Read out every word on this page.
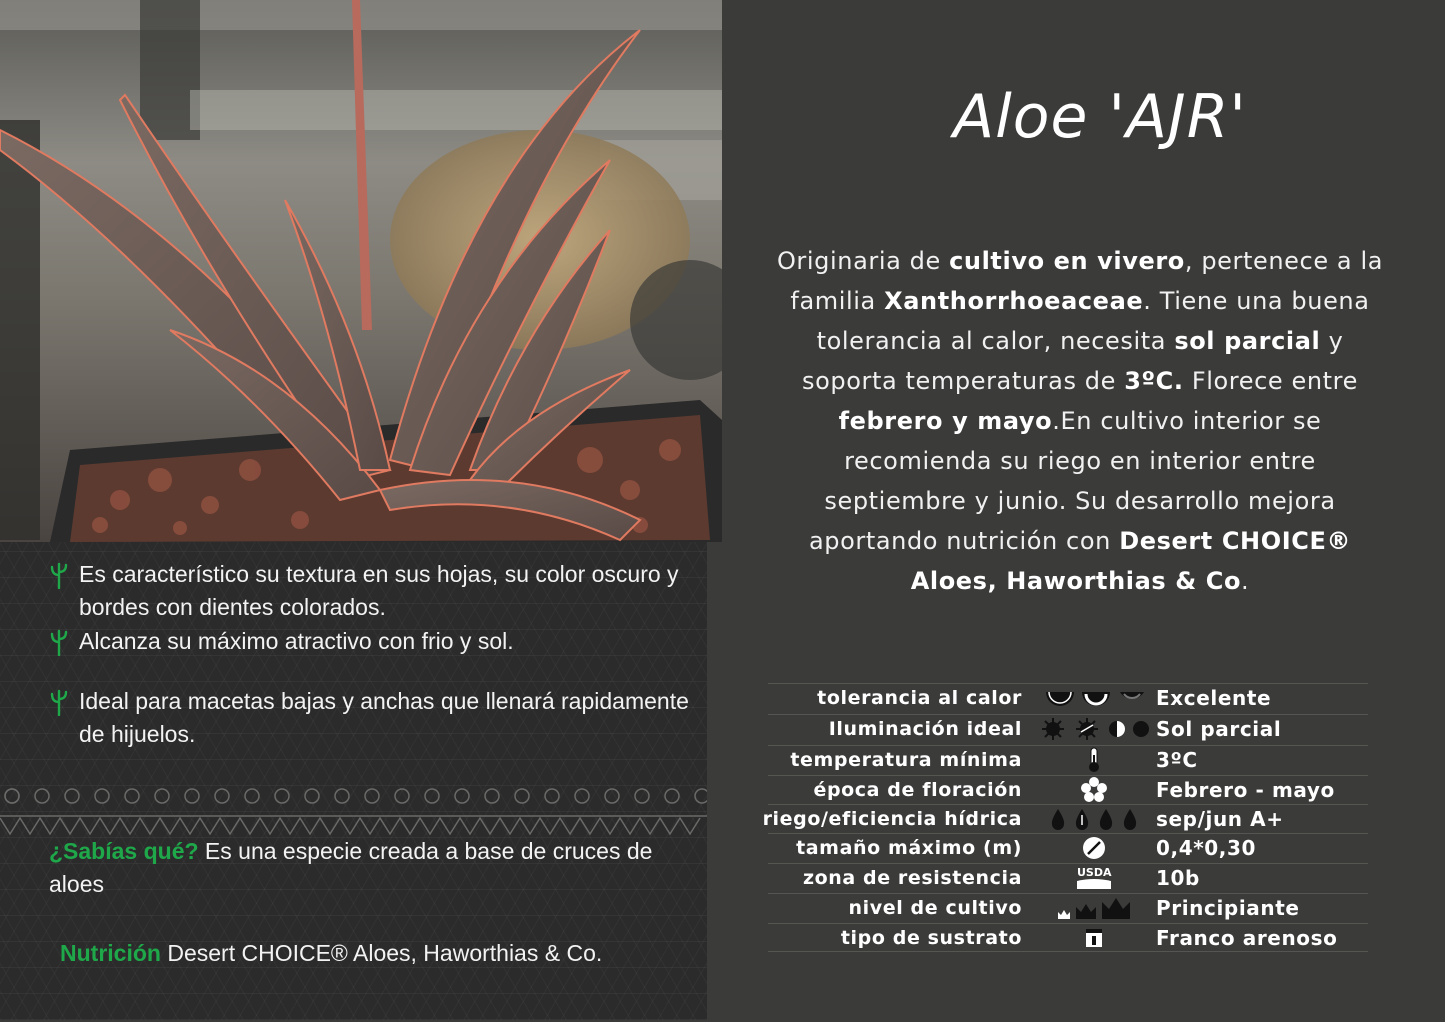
Es característico su textura en sus hojas, su color oscuro y bordes con dientes colorados.
Alcanza su máximo atractivo con frio y sol.
Ideal para macetas bajas y anchas que llenará rapidamente de hijuelos.
¿Sabías qué? Es una especie creada a base de cruces de aloes
Nutrición Desert CHOICE® Aloes, Haworthias & Co.
Aloe 'AJR'

Originaria de cultivo en vivero, pertenece a la familia Xanthorrhoeaceae. Tiene una buena tolerancia al calor, necesita sol parcial y soporta temperaturas de 3ºC. Florece entre febrero y mayo.En cultivo interior se recomienda su riego en interior entre septiembre y junio. Su desarrollo mejora aportando nutrición con Desert CHOICE® Aloes, Haworthias & Co.

tolerancia al calor	Excelente
Iluminación ideal	Sol parcial
temperatura mínima	3ºC
época de floración	Febrero - mayo
riego/eficiencia hídrica	sep/jun A+
tamaño máximo (m)	0,4*0,30
zona de resistencia	USDA 10b
nivel de cultivo	Principiante
tipo de sustrato	Franco arenoso
